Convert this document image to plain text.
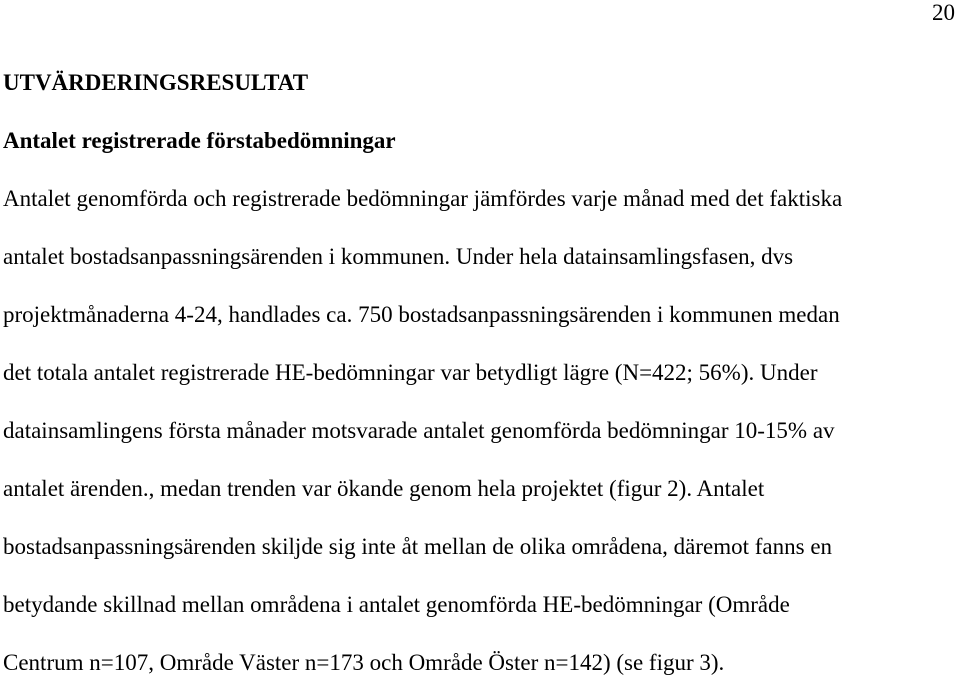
20
UTVÄRDERINGSRESULTAT
Antalet registrerade förstabedömningar
Antalet genomförda och registrerade bedömningar jämfördes varje månad med det faktiska
antalet bostadsanpassningsärenden i kommunen. Under hela datainsamlingsfasen, dvs
projektmånaderna 4-24, handlades ca. 750 bostadsanpassningsärenden i kommunen medan
det totala antalet registrerade HE-bedömningar var betydligt lägre (N=422; 56%). Under
datainsamlingens första månader motsvarade antalet genomförda bedömningar 10-15% av
antalet ärenden., medan trenden var ökande genom hela projektet (figur 2). Antalet
bostadsanpassningsärenden skiljde sig inte åt mellan de olika områdena, däremot fanns en
betydande skillnad mellan områdena i antalet genomförda HE-bedömningar (Område
Centrum n=107, Område Väster n=173 och Område Öster n=142) (se figur 3).
